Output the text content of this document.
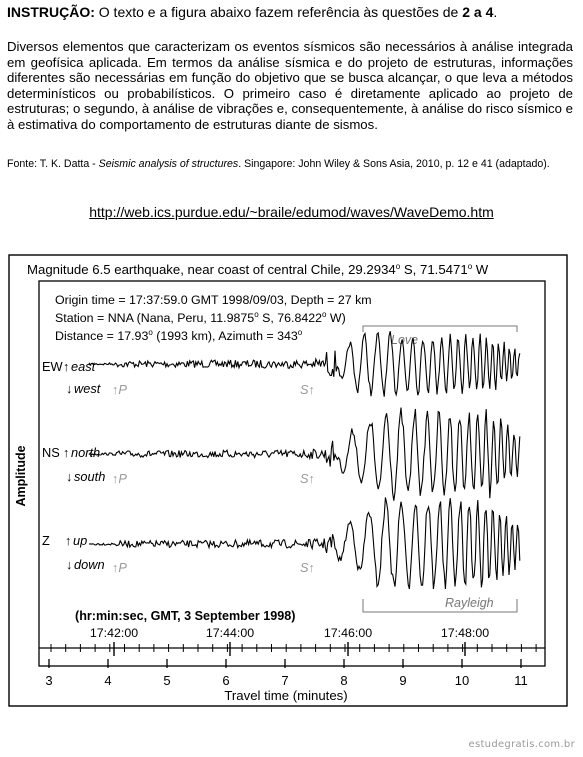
INSTRUÇÃO: O texto e a figura abaixo fazem referência às questões de 2 a 4.
Diversos elementos que caracterizam os eventos sísmicos são necessários à análise integrada em geofísica aplicada. Em termos da análise sísmica e do projeto de estruturas, informações diferentes são necessárias em função do objetivo que se busca alcançar, o que leva a métodos determinísticos ou probabilísticos. O primeiro caso é diretamente aplicado ao projeto de estruturas; o segundo, à análise de vibrações e, consequentemente, à análise do risco sísmico e à estimativa do comportamento de estruturas diante de sismos.
Fonte: T. K. Datta - Seismic analysis of structures. Singapore: John Wiley & Sons Asia, 2010, p. 12 e 41 (adaptado).
http://web.ics.purdue.edu/~braile/edumod/waves/WaveDemo.htm
Magnitude 6.5 earthquake, near coast of central Chile, 29.2934$^o$ S, 71.5471$^o$ W
Origin time = 17:37:59.0 GMT 1998/09/03, Depth = 27 km
Station = NNA (Nana, Peru, 11.9875$^o$ S, 76.8422$^o$ W)
Distance = $17.93^o$ (1993 km), Azimuth = $343^o$
Love
Rayleigh
Amplitude
EW ↑ east
↓ west ↑P	S↑
NS ↑ north
↓ south ↑P	S↑
Z ↑ up
↓ down ↑P	S↑
(hr:min:sec, GMT, 3 September 1998)
17:42:00	17:44:00	17:46:00	17:48:00
3	4	5	6	7	8	9	10	11
Travel time (minutes)
estudegratis.com.br
